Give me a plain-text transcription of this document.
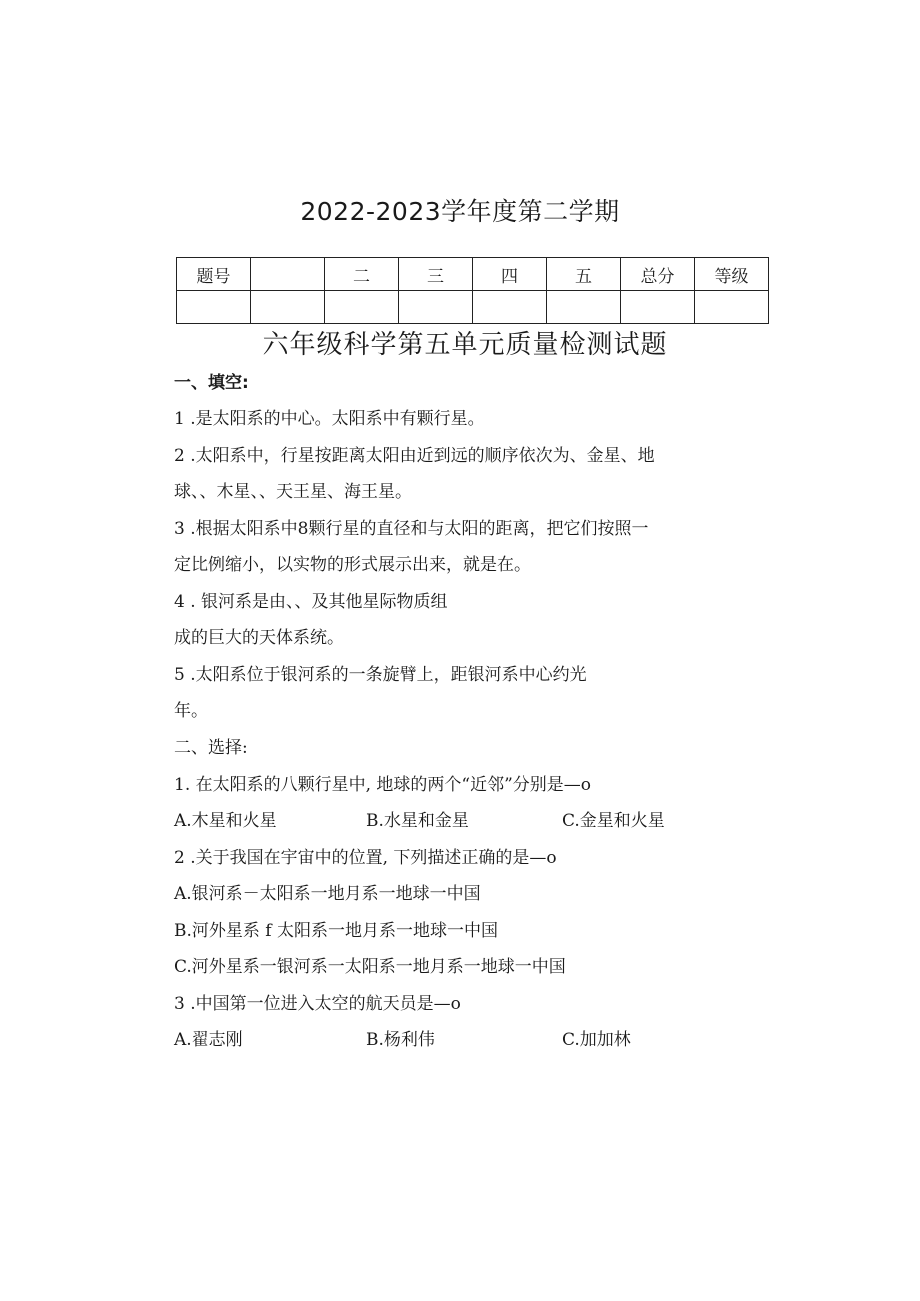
2022-2023学年度第二学期
题号		二	三	四	五	总分	等级

六年级科学第五单元质量检测试题
一、填空:
1 .是太阳系的中心。太阳系中有颗行星。
2 .太阳系中，行星按距离太阳由近到远的顺序依次为、金星、地
球、、木星、、天王星、海王星。
3 .根据太阳系中8颗行星的直径和与太阳的距离，把它们按照一
定比例缩小，以实物的形式展示出来，就是在。
4 . 银河系是由、、及其他星际物质组
成的巨大的天体系统。
5 .太阳系位于银河系的一条旋臂上，距银河系中心约光
年。
二、选择:
1. 在太阳系的八颗行星中, 地球的两个“近邻”分别是—o
A.木星和火星	B.水星和金星	C.金星和火星
2 .关于我国在宇宙中的位置, 下列描述正确的是—o
A.银河系－太阳系一地月系一地球一中国
B.河外星系 f 太阳系一地月系一地球一中国
C.河外星系一银河系一太阳系一地月系一地球一中国
3 .中国第一位进入太空的航天员是—o
A.翟志刚	B.杨利伟	C.加加林
